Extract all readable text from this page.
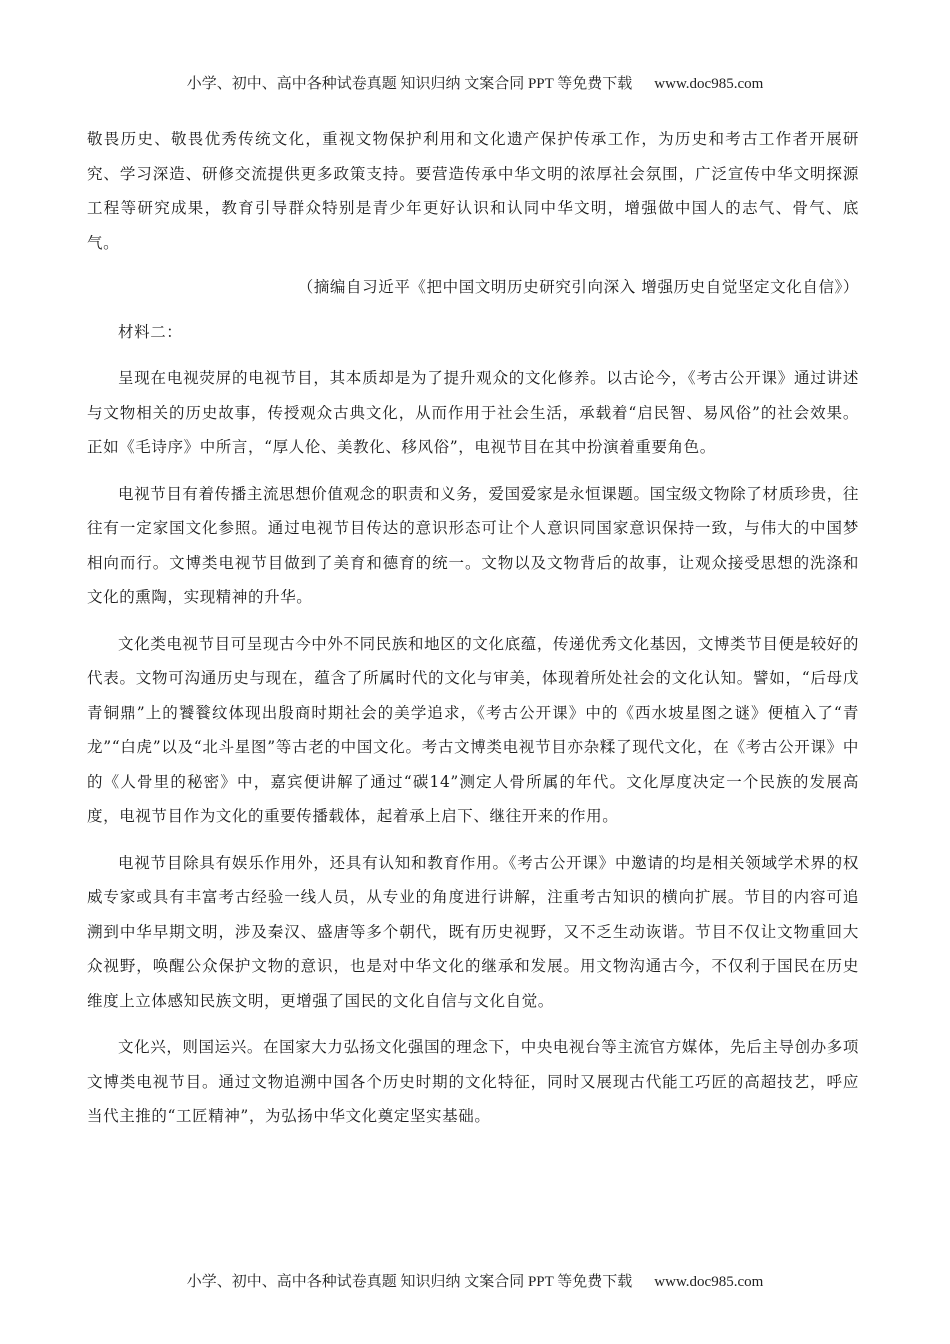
小学、初中、高中各种试卷真题 知识归纳 文案合同 PPT 等免费下载 www.doc985.com

敬畏历史、敬畏优秀传统文化，重视文物保护利用和文化遗产保护传承工作，为历史和考古工作者开展研究、学习深造、研修交流提供更多政策支持。要营造传承中华文明的浓厚社会氛围，广泛宣传中华文明探源工程等研究成果，教育引导群众特别是青少年更好认识和认同中华文明，增强做中国人的志气、骨气、底气。

（摘编自习近平《把中国文明历史研究引向深入 增强历史自觉坚定文化自信》）

材料二：

呈现在电视荧屏的电视节目，其本质却是为了提升观众的文化修养。以古论今，《考古公开课》通过讲述与文物相关的历史故事，传授观众古典文化，从而作用于社会生活，承载着“启民智、易风俗”的社会效果。正如《毛诗序》中所言，“厚人伦、美教化、移风俗”，电视节目在其中扮演着重要角色。

电视节目有着传播主流思想价值观念的职责和义务，爱国爱家是永恒课题。国宝级文物除了材质珍贵，往往有一定家国文化参照。通过电视节目传达的意识形态可让个人意识同国家意识保持一致，与伟大的中国梦相向而行。文博类电视节目做到了美育和德育的统一。文物以及文物背后的故事，让观众接受思想的洗涤和文化的熏陶，实现精神的升华。

文化类电视节目可呈现古今中外不同民族和地区的文化底蕴，传递优秀文化基因，文博类节目便是较好的代表。文物可沟通历史与现在，蕴含了所属时代的文化与审美，体现着所处社会的文化认知。譬如，“后母戊青铜鼎”上的饕餮纹体现出殷商时期社会的美学追求，《考古公开课》中的《西水坡星图之谜》便植入了“青龙”“白虎”以及“北斗星图”等古老的中国文化。考古文博类电视节目亦杂糅了现代文化，在《考古公开课》中的《人骨里的秘密》中，嘉宾便讲解了通过“碳14”测定人骨所属的年代。文化厚度决定一个民族的发展高度，电视节目作为文化的重要传播载体，起着承上启下、继往开来的作用。

电视节目除具有娱乐作用外，还具有认知和教育作用。《考古公开课》中邀请的均是相关领域学术界的权威专家或具有丰富考古经验一线人员，从专业的角度进行讲解，注重考古知识的横向扩展。节目的内容可追溯到中华早期文明，涉及秦汉、盛唐等多个朝代，既有历史视野，又不乏生动诙谐。节目不仅让文物重回大众视野，唤醒公众保护文物的意识，也是对中华文化的继承和发展。用文物沟通古今，不仅利于国民在历史维度上立体感知民族文明，更增强了国民的文化自信与文化自觉。

文化兴，则国运兴。在国家大力弘扬文化强国的理念下，中央电视台等主流官方媒体，先后主导创办多项文博类电视节目。通过文物追溯中国各个历史时期的文化特征，同时又展现古代能工巧匠的高超技艺，呼应当代主推的“工匠精神”，为弘扬中华文化奠定坚实基础。

小学、初中、高中各种试卷真题 知识归纳 文案合同 PPT 等免费下载 www.doc985.com
